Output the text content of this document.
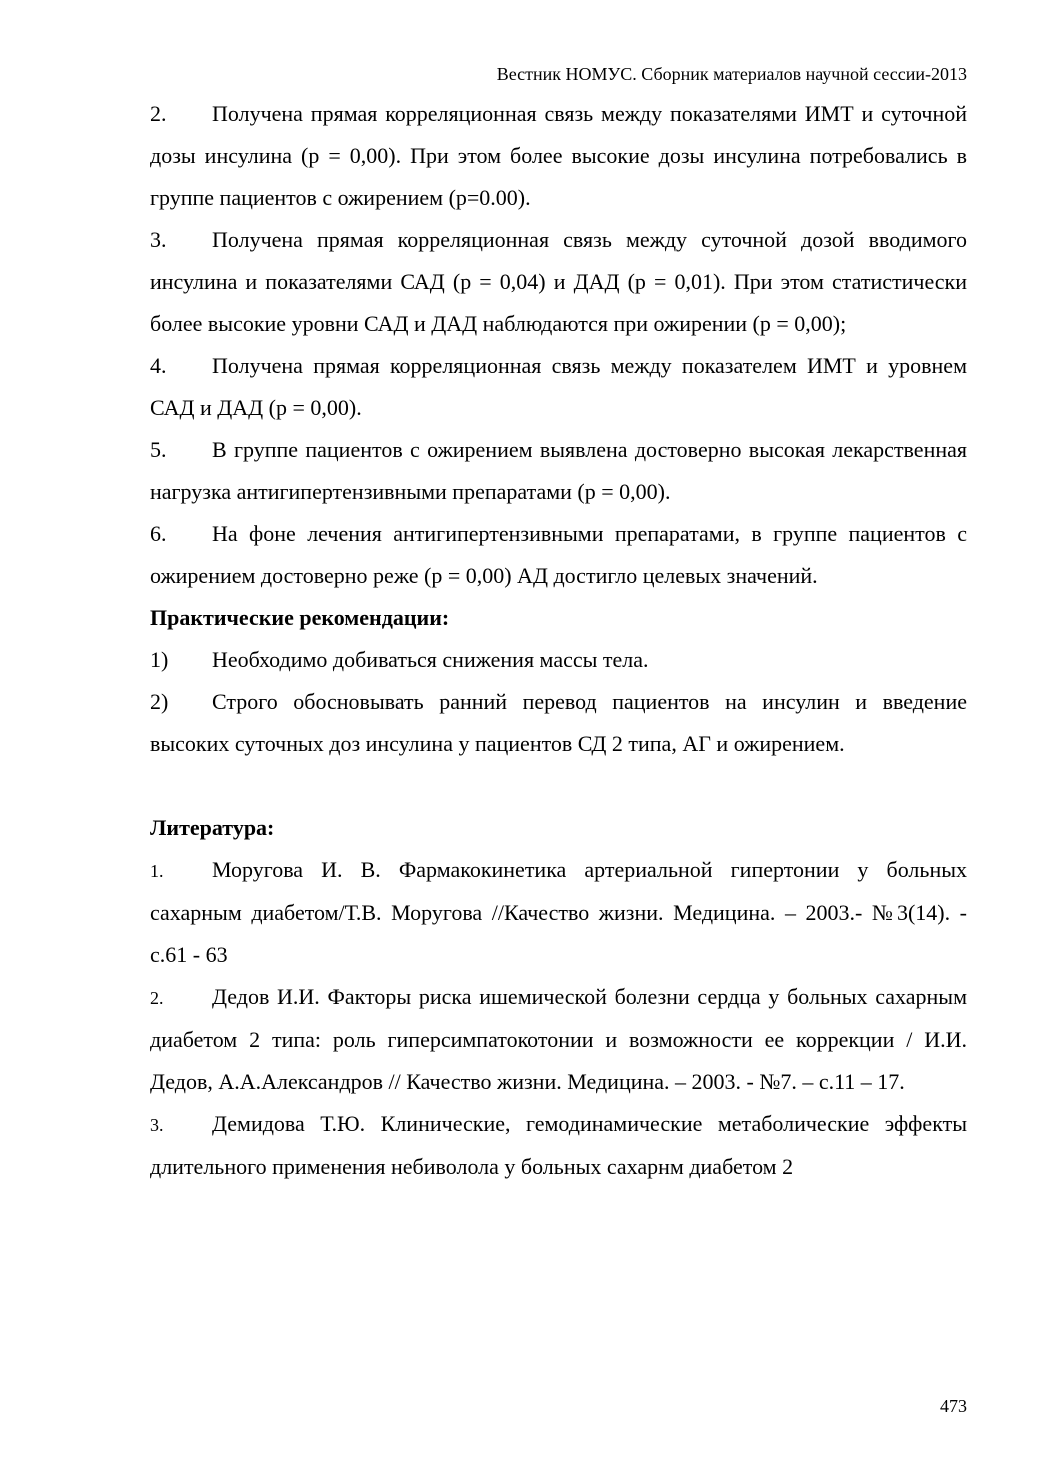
Вестник НОМУС. Сборник материалов научной сессии-2013
2. Получена прямая корреляционная связь между показателями ИМТ и суточной дозы инсулина (р = 0,00). При этом более высокие дозы инсулина потребовались в группе пациентов с ожирением (р=0.00).
3. Получена прямая корреляционная связь между суточной дозой вводимого инсулина и показателями САД (р = 0,04) и ДАД (р = 0,01). При этом статистически более высокие уровни САД и ДАД наблюдаются при ожирении (р = 0,00);
4. Получена прямая корреляционная связь между показателем ИМТ и уровнем САД и ДАД (р = 0,00).
5. В группе пациентов с ожирением выявлена достоверно высокая лекарственная нагрузка антигипертензивными препаратами (р = 0,00).
6. На фоне лечения антигипертензивными препаратами, в группе пациентов с ожирением достоверно реже (р = 0,00) АД достигло целевых значений.
Практические рекомендации:
1) Необходимо добиваться снижения массы тела.
2) Строго обосновывать ранний перевод пациентов на инсулин и введение высоких суточных доз инсулина у пациентов СД 2 типа, АГ и ожирением.
Литература:
1. Моругова И. В. Фармакокинетика артериальной гипертонии у больных сахарным диабетом/Т.В. Моругова //Качество жизни. Медицина. – 2003.- №3(14). - с.61 - 63
2. Дедов И.И. Факторы риска ишемической болезни сердца у больных сахарным диабетом 2 типа: роль гиперсимпатокотонии и возможности ее коррекции / И.И. Дедов, А.А.Александров // Качество жизни. Медицина. – 2003. - №7. – с.11 – 17.
3. Демидова Т.Ю. Клинические, гемодинамические метаболические эффекты длительного применения небиволола у больных сахарнм диабетом 2
473
